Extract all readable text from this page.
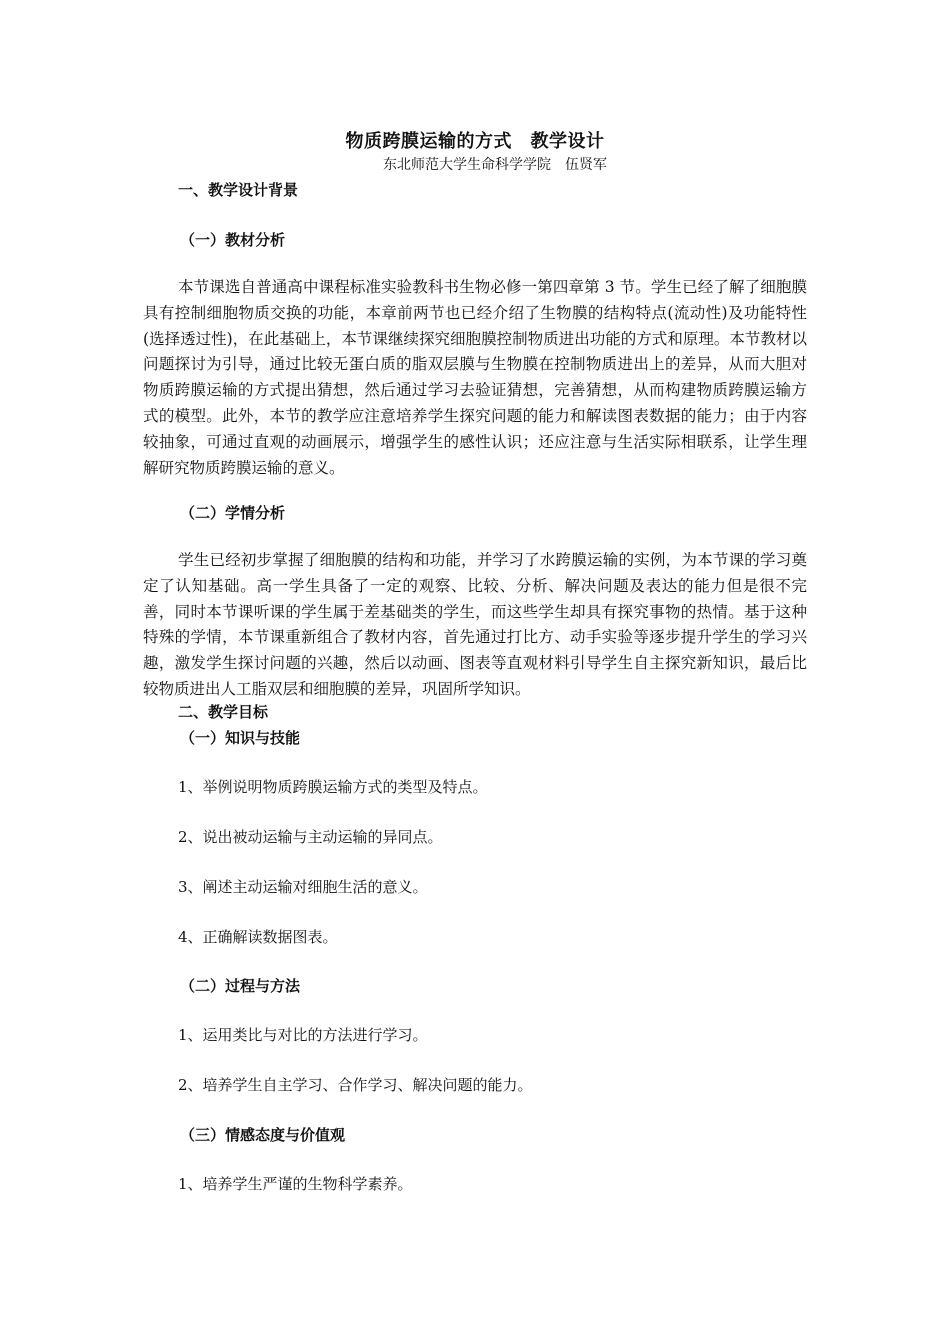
物质跨膜运输的方式　教学设计
东北师范大学生命科学学院　伍贤军
一、教学设计背景
（一）教材分析
本节课选自普通高中课程标准实验教科书生物必修一第四章第 3 节。学生已经了解了细胞膜具有控制细胞物质交换的功能，本章前两节也已经介绍了生物膜的结构特点(流动性)及功能特性(选择透过性)，在此基础上，本节课继续探究细胞膜控制物质进出功能的方式和原理。本节教材以问题探讨为引导，通过比较无蛋白质的脂双层膜与生物膜在控制物质进出上的差异，从而大胆对物质跨膜运输的方式提出猜想，然后通过学习去验证猜想，完善猜想，从而构建物质跨膜运输方式的模型。此外，本节的教学应注意培养学生探究问题的能力和解读图表数据的能力；由于内容较抽象，可通过直观的动画展示，增强学生的感性认识；还应注意与生活实际相联系，让学生理解研究物质跨膜运输的意义。
（二）学情分析
学生已经初步掌握了细胞膜的结构和功能，并学习了水跨膜运输的实例，为本节课的学习奠定了认知基础。高一学生具备了一定的观察、比较、分析、解决问题及表达的能力但是很不完善，同时本节课听课的学生属于差基础类的学生，而这些学生却具有探究事物的热情。基于这种特殊的学情，本节课重新组合了教材内容，首先通过打比方、动手实验等逐步提升学生的学习兴趣，激发学生探讨问题的兴趣，然后以动画、图表等直观材料引导学生自主探究新知识，最后比较物质进出人工脂双层和细胞膜的差异，巩固所学知识。
二、教学目标
（一）知识与技能
1、举例说明物质跨膜运输方式的类型及特点。
2、说出被动运输与主动运输的异同点。
3、阐述主动运输对细胞生活的意义。
4、正确解读数据图表。
（二）过程与方法
1、运用类比与对比的方法进行学习。
2、培养学生自主学习、合作学习、解决问题的能力。
（三）情感态度与价值观
1、培养学生严谨的生物科学素养。
